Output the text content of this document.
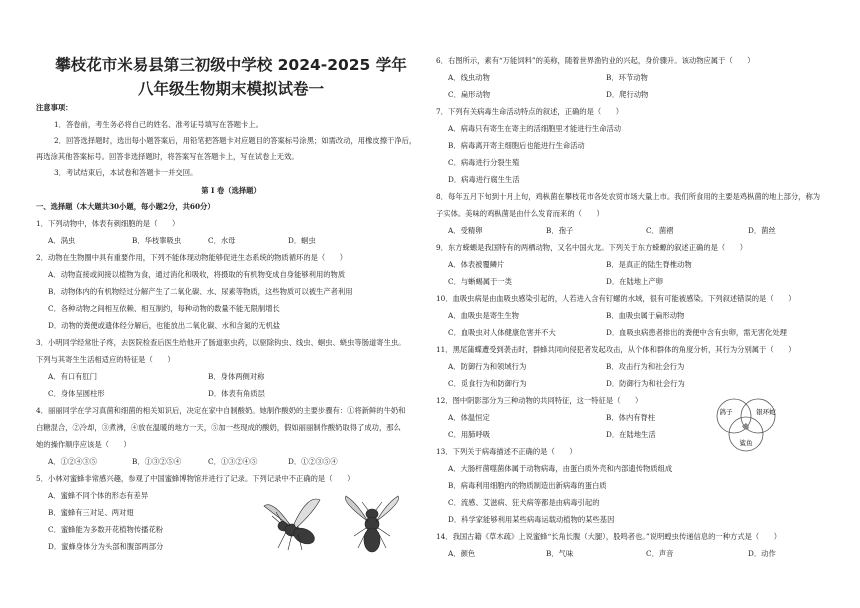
攀枝花市米易县第三初级中学校 2024-2025 学年
八年级生物期末模拟试卷一
注意事项：
1．答卷前，考生务必将自己的姓名、准考证号填写在答题卡上。
2．回答选择题时，选出每小题答案后，用铅笔把答题卡对应题目的答案标号涂黑；如需改动，用橡皮擦干净后，
再选涂其他答案标号。回答非选择题时，将答案写在答题卡上，写在试卷上无效。
3．考试结束后，本试卷和答题卡一并交回。
第 I 卷（选择题）
一、选择题（本大题共30小题，每小题2分，共60分）
1．下列动物中，体表有刺细胞的是（　　）
A．涡虫	B．华枝睾吸虫	C．水母	D．蛔虫
2．动物在生物圈中具有重要作用，下列不能体现动物能够促进生态系统的物质循环的是（　　）
A．动物直接或间接以植物为食，通过消化和吸收，将摄取的有机物变成自身能够利用的物质
B．动物体内的有机物经过分解产生了二氧化碳、水、尿素等物质，这些物质可以被生产者利用
C．各种动物之间相互依赖、相互制约，每种动物的数量不能无限制增长
D．动物的粪便或遗体经分解后，也能放出二氧化碳、水和含氮的无机盐
3．小明同学经常肚子疼，去医院检查后医生给他开了肠道驱虫药，以驱除钩虫、线虫、蛔虫、蛲虫等肠道寄生虫。
下列与其寄生生活相适应的特征是（　　）
A．有口有肛门	B．身体两侧对称
C．身体呈圆柱形	D．体表有角质层
4．丽丽同学在学习真菌和细菌的相关知识后，决定在家中自制酸奶。她制作酸奶的主要步骤有：①将新鲜的牛奶和
白糖混合，②冷却，③煮沸，④放在温暖的地方一天，⑤加一些现成的酸奶，假如丽丽制作酸奶取得了成功，那么
她的操作顺序应该是（　　）
A．①②④③⑤	B．①③②⑤④	C．①③②④⑤	D．①②③⑤④
5．小林对蜜蜂非常感兴趣，参观了中国蜜蜂博物馆并进行了记录。下列记录中不正确的是（　　）
A．蜜蜂不同个体的形态有差异
B．蜜蜂有三对足、两对翅
C．蜜蜂能为多数开花植物传播花粉
D．蜜蜂身体分为头部和腹部两部分
6．右图所示，素有“万能饲料”的美称，随着世界渔钓业的兴起，身价骤升。该动物应属于（　　）
A．线虫动物	B．环节动物
C．扁形动物	D．爬行动物
7．下列有关病毒生命活动特点的叙述，正确的是（　　）
A．病毒只有寄生在寄主的活细胞里才能进行生命活动
B．病毒离开寄主细胞后也能进行生命活动
C．病毒进行分裂生殖
D．病毒进行腐生生活
8．每年五月下旬到十月上旬，鸡枞菌在攀枝花市各处农贸市场大量上市。我们所食用的主要是鸡枞菌的地上部分，称为
子实体。美味的鸡枞菌是由什么发育而来的（　　）
A．受精卵	B．孢子	C．菌褶	D．菌丝
9．东方蝾螈是我国特有的两栖动物，又名中国火龙。下列关于东方蝾螈的叙述正确的是（　　）
A．体表被覆鳞片	B．是真正的陆生脊椎动物
C．与蜥蜴属于一类	D．在陆地上产卵
10．血吸虫病是由血吸虫感染引起的，人若进入含有钉螺的水域，很有可能被感染。下列叙述错误的是（　　）
A．血吸虫是寄生生物	B．血吸虫属于扁形动物
C．血吸虫对人体健康危害并不大	D．血吸虫病患者排出的粪便中含有虫卵，需无害化处理
11．黑尾蒲蝶遭受到袭击时，群蜂共同向侵犯者发起攻击，从个体和群体的角度分析，其行为分别属于（　　）
A．防御行为和领域行为	B．攻击行为和社会行为
C．觅食行为和防御行为	D．防御行为和社会行为
12．图中阴影部分为三种动物的共同特征，这一特征是（　　）
A．体温恒定	B．体内有脊柱
C．用肺呼吸	D．在陆地生活
鸽子	银环蛇
鲨鱼
13．下列关于病毒描述不正确的是（　　）
A．大肠杆菌噬菌体属于动物病毒，由蛋白质外壳和内部遗传物质组成
B．病毒利用细胞内的物质制造出新病毒的蛋白质
C．流感、艾滋病、狂犬病等都是由病毒引起的
D．科学家能够利用某些病毒运载动植物的某些基因
14．我国古籍《草木疏》上说蜜蜂“长角长腹（大腿），股鸣者也。”说明蝗虫传递信息的一种方式是（　　）
A．颜色	B．气味	C．声音	D．动作
